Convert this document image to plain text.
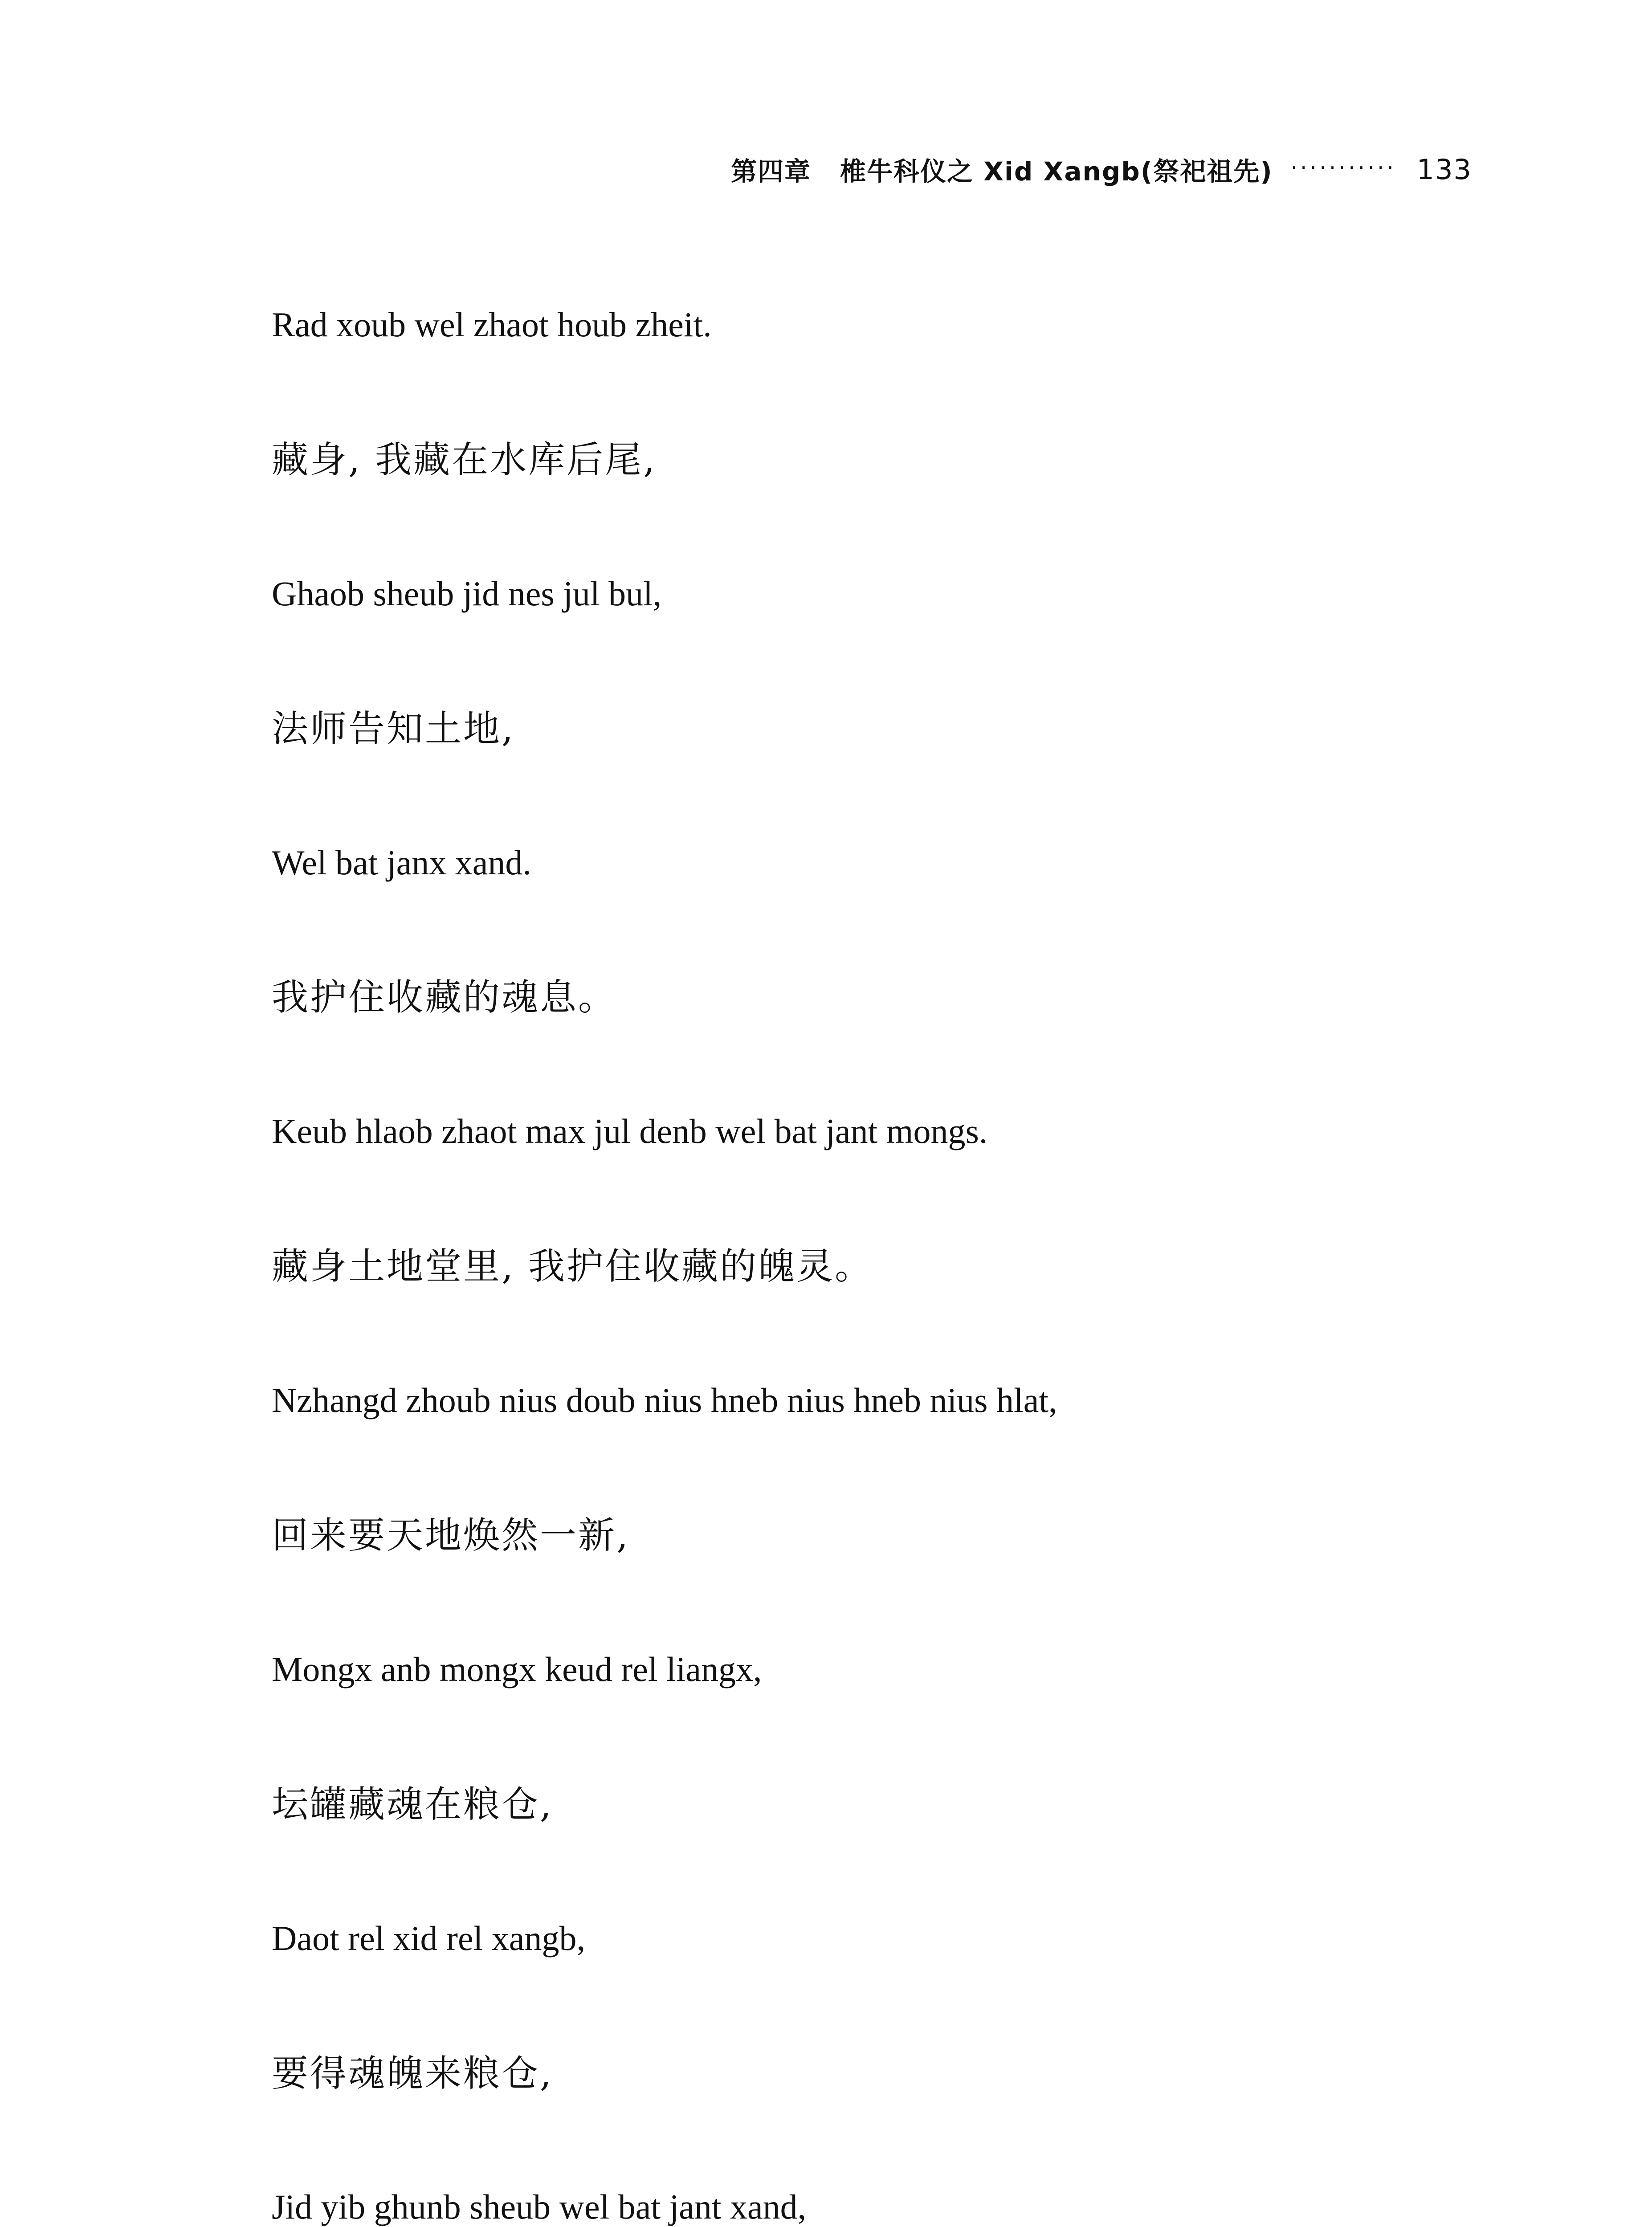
第四章 椎牛科仪之 Xid Xangb(祭祀祖先) ··········· 133
Rad xoub wel zhaot houb zheit.
藏身, 我藏在水库后尾,
Ghaob sheub jid nes jul bul,
法师告知土地,
Wel bat janx xand.
我护住收藏的魂息。
Keub hlaob zhaot max jul denb wel bat jant mongs.
藏身土地堂里, 我护住收藏的魄灵。
Nzhangd zhoub nius doub nius hneb nius hneb nius hlat,
回来要天地焕然一新,
Mongx anb mongx keud rel liangx,
坛罐藏魂在粮仓,
Daot rel xid rel xangb,
要得魂魄来粮仓,
Jid yib ghunb sheub wel bat jant xand,
